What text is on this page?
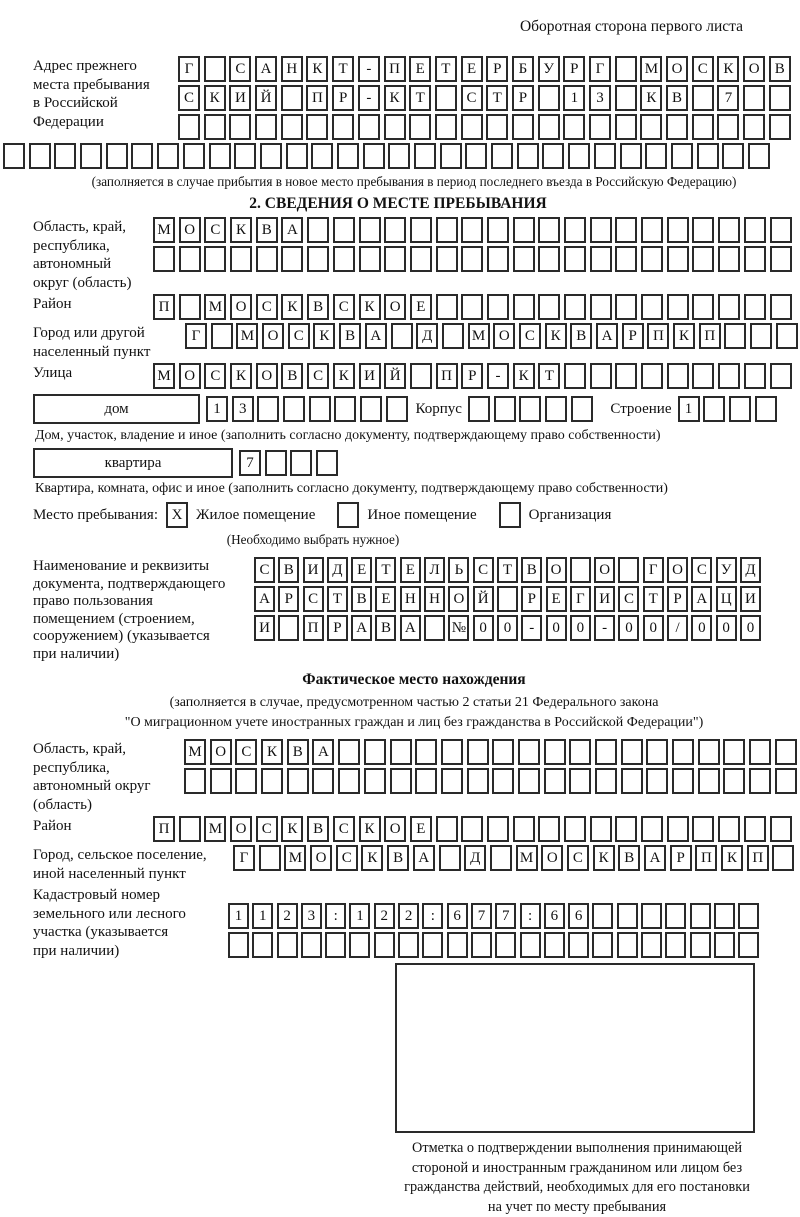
Оборотная сторона первого листа
Адрес прежнего
места пребывания
в Российской
Федерации
Г	С	А Н	К	Т	-	П	Е	Т	Е	Р	Б	У	Р	Г	М О	С	К	О	В
С	К	И Й	П	Р	-	К	Т	С	Т	Р	1	3	К	В	7
(заполняется в случае прибытия в новое место пребывания в период последнего въезда в Российскую Федерацию)
2. СВЕДЕНИЯ О МЕСТЕ ПРЕБЫВАНИЯ
Область, край,
республика,
автономный
округ (область)
М О	С	К	В	А
Район	П	М О	С	К	В	С	К	О	Е
Город или другой
населенный пункт
Г	М О	С	К	В	А	Д	М О	С	К	В	А	Р	П	К	П
Улица	М О	С	К	О	В	С	К	И Й	П	Р	-	К	Т
дом	1	3	Корпус	Строение 1
Дом, участок, владение и иное (заполнить согласно документу, подтверждающему право собственности)
квартира	7
Квартира, комната, офис и иное (заполнить согласно документу, подтверждающему право собственности)
Место пребывания: X Жилое помещение	Иное помещение	Организация
(Необходимо выбрать нужное)
Наименование и реквизиты
документа, подтверждающего
право пользования
помещением (строением,
сооружением) (указывается
при наличии)
С В И Д Е	Т	Е Л Ь С Т В О	О	Г О С У Д
А Р	С Т В Е Н Н О Й	Р	Е	Г И С Т	Р А Ц И
И	П Р А В А	№ 0	0	-	0	0	-	0	0	/	0	0	0
Фактическое место нахождения
(заполняется в случае, предусмотренном частью 2 статьи 21 Федерального закона
"О миграционном учете иностранных граждан и лиц без гражданства в Российской Федерации")
Область, край,
республика,
автономный округ
(область)
М О	С	К	В	А
Район	П	М О	С	К	В	С	К	О	Е
Город, сельское поселение,
иной населенный пункт
Г	М О	С	К	В	А	Д	М О	С	К	В	А	Р	П	К	П
Кадастровый номер
земельного или лесного
участка (указывается
при наличии)
1	1	2	3	:	1	2	2	:	6	7	7	:	6	6
Отметка о подтверждении выполнения принимающей
стороной и иностранным гражданином или лицом без
гражданства действий, необходимых для его постановки
на учет по месту пребывания
